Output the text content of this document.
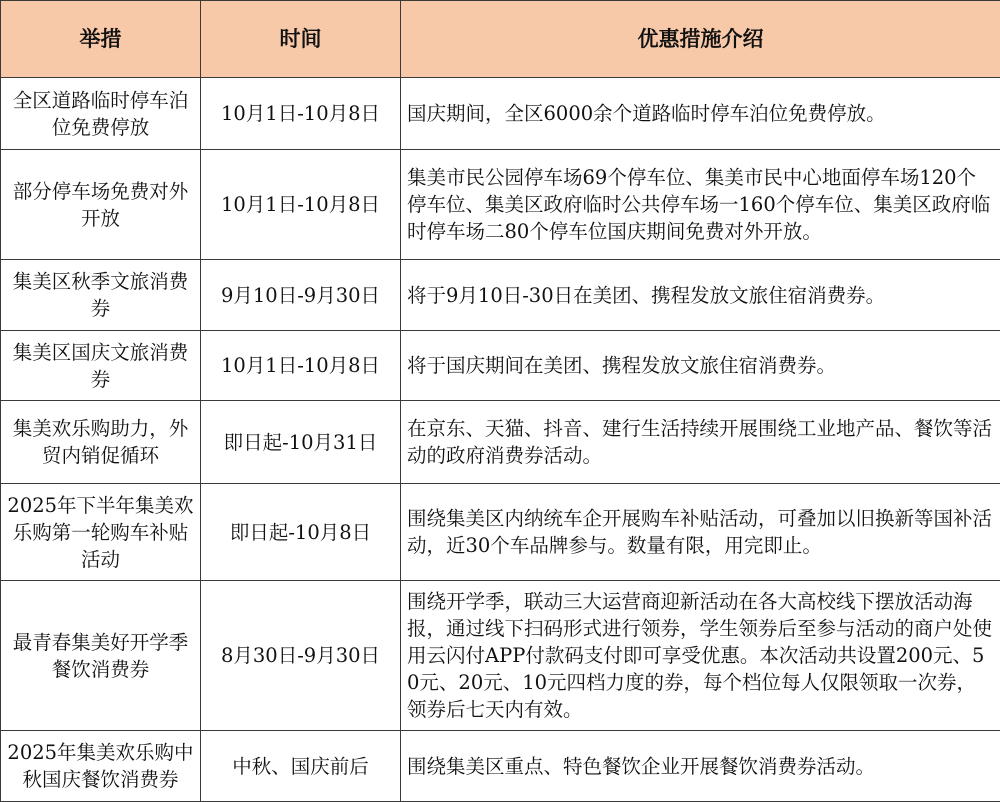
举措	时间	优惠措施介绍
全区道路临时停车泊位免费停放	10月1日-10月8日	国庆期间，全区6000余个道路临时停车泊位免费停放。
部分停车场免费对外开放	10月1日-10月8日	集美市民公园停车场69个停车位、集美市民中心地面停车场120个停车位、集美区政府临时公共停车场一160个停车位、集美区政府临时停车场二80个停车位国庆期间免费对外开放。
集美区秋季文旅消费券	9月10日-9月30日	将于9月10日-30日在美团、携程发放文旅住宿消费券。
集美区国庆文旅消费券	10月1日-10月8日	将于国庆期间在美团、携程发放文旅住宿消费券。
集美欢乐购助力，外贸内销促循环	即日起-10月31日	在京东、天猫、抖音、建行生活持续开展围绕工业地产品、餐饮等活动的政府消费券活动。
2025年下半年集美欢乐购第一轮购车补贴活动	即日起-10月8日	围绕集美区内纳统车企开展购车补贴活动，可叠加以旧换新等国补活动，近30个车品牌参与。数量有限，用完即止。
最青春集美好开学季餐饮消费券	8月30日-9月30日	围绕开学季，联动三大运营商迎新活动在各大高校线下摆放活动海报，通过线下扫码形式进行领券，学生领券后至参与活动的商户处使用云闪付APP付款码支付即可享受优惠。本次活动共设置200元、50元、20元、10元四档力度的券，每个档位每人仅限领取一次券，领券后七天内有效。
2025年集美欢乐购中秋国庆餐饮消费券	中秋、国庆前后	围绕集美区重点、特色餐饮企业开展餐饮消费券活动。
